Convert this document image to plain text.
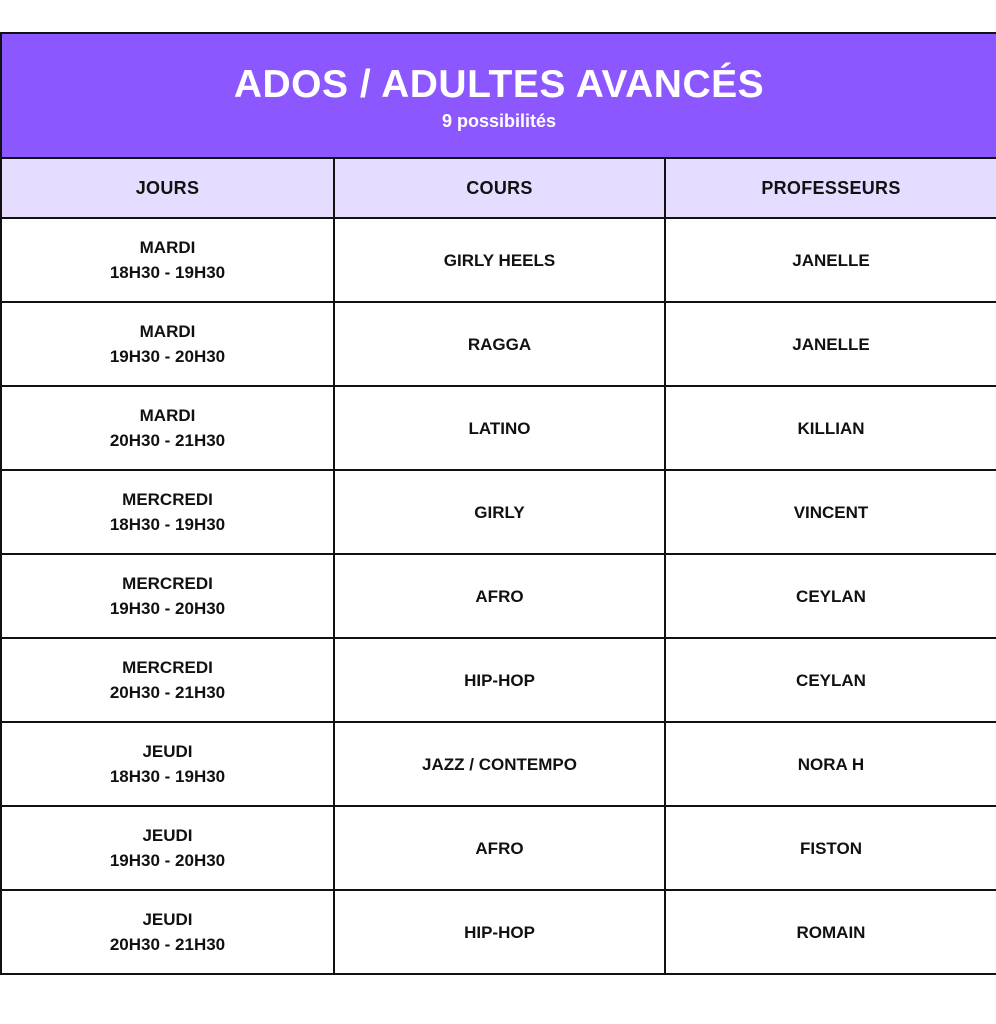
ADOS / ADULTES AVANCÉS
9 possibilités		

JOURS	COURS	PROFESSEURS

MARDI
18H30 - 19H30	GIRLY HEELS	JANELLE

MARDI
19H30 - 20H30	RAGGA	JANELLE

MARDI
20H30 - 21H30	LATINO	KILLIAN

MERCREDI
18H30 - 19H30	GIRLY	VINCENT

MERCREDI
19H30 - 20H30	AFRO	CEYLAN

MERCREDI
20H30 - 21H30	HIP-HOP	CEYLAN

JEUDI
18H30 - 19H30	JAZZ / CONTEMPO	NORA H

JEUDI
19H30 - 20H30	AFRO	FISTON

JEUDI
20H30 - 21H30	HIP-HOP	ROMAIN
